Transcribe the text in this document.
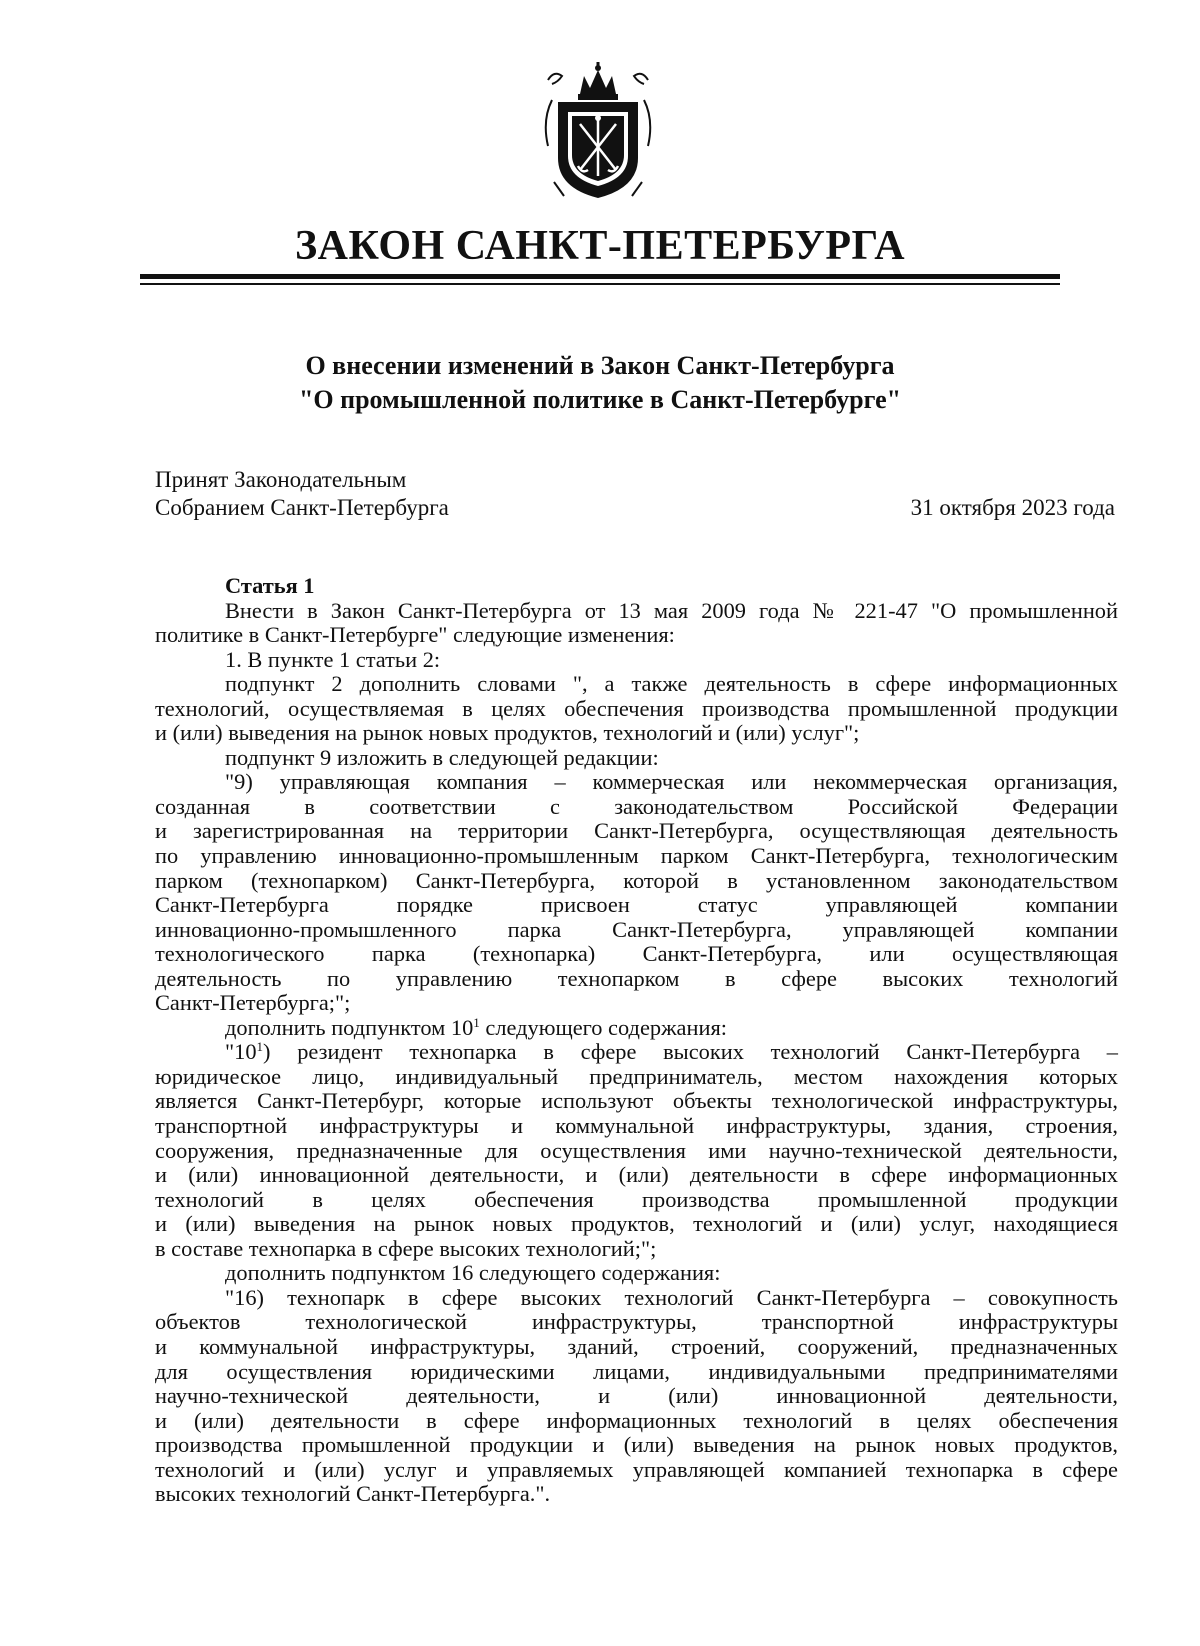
ЗАКОН САНКТ-ПЕТЕРБУРГА
О внесении изменений в Закон Санкт-Петербурга
"О промышленной политике в Санкт-Петербурге"
Принят Законодательным
Собранием Санкт-Петербурга	31 октября 2023 года

Статья 1

Внести в Закон Санкт-Петербурга от 13 мая 2009 года № 221-47 "О промышленной
политике в Санкт-Петербурге" следующие изменения:
1. В пункте 1 статьи 2:
подпункт 2 дополнить словами ", а также деятельность в сфере информационных
технологий, осуществляемая в целях обеспечения производства промышленной продукции
и (или) выведения на рынок новых продуктов, технологий и (или) услуг";
подпункт 9 изложить в следующей редакции:
"9) управляющая компания – коммерческая или некоммерческая организация,
созданная в соответствии с законодательством Российской Федерации
и зарегистрированная на территории Санкт-Петербурга, осуществляющая деятельность
по управлению инновационно-промышленным парком Санкт-Петербурга, технологическим
парком (технопарком) Санкт-Петербурга, которой в установленном законодательством
Санкт-Петербурга порядке присвоен статус управляющей компании
инновационно-промышленного парка Санкт-Петербурга, управляющей компании
технологического парка (технопарка) Санкт-Петербурга, или осуществляющая
деятельность по управлению технопарком в сфере высоких технологий
Санкт-Петербурга;";
дополнить подпунктом $10^1$ следующего содержания:
"$10^1$) резидент технопарка в сфере высоких технологий Санкт-Петербурга –
юридическое лицо, индивидуальный предприниматель, местом нахождения которых
является Санкт-Петербург, которые используют объекты технологической инфраструктуры,
транспортной инфраструктуры и коммунальной инфраструктуры, здания, строения,
сооружения, предназначенные для осуществления ими научно-технической деятельности,
и (или) инновационной деятельности, и (или) деятельности в сфере информационных
технологий в целях обеспечения производства промышленной продукции
и (или) выведения на рынок новых продуктов, технологий и (или) услуг, находящиеся
в составе технопарка в сфере высоких технологий;";
дополнить подпунктом 16 следующего содержания:
"16) технопарк в сфере высоких технологий Санкт-Петербурга – совокупность
объектов технологической инфраструктуры, транспортной инфраструктуры
и коммунальной инфраструктуры, зданий, строений, сооружений, предназначенных
для осуществления юридическими лицами, индивидуальными предпринимателями
научно-технической деятельности, и (или) инновационной деятельности,
и (или) деятельности в сфере информационных технологий в целях обеспечения
производства промышленной продукции и (или) выведения на рынок новых продуктов,
технологий и (или) услуг и управляемых управляющей компанией технопарка в сфере
высоких технологий Санкт-Петербурга.".
